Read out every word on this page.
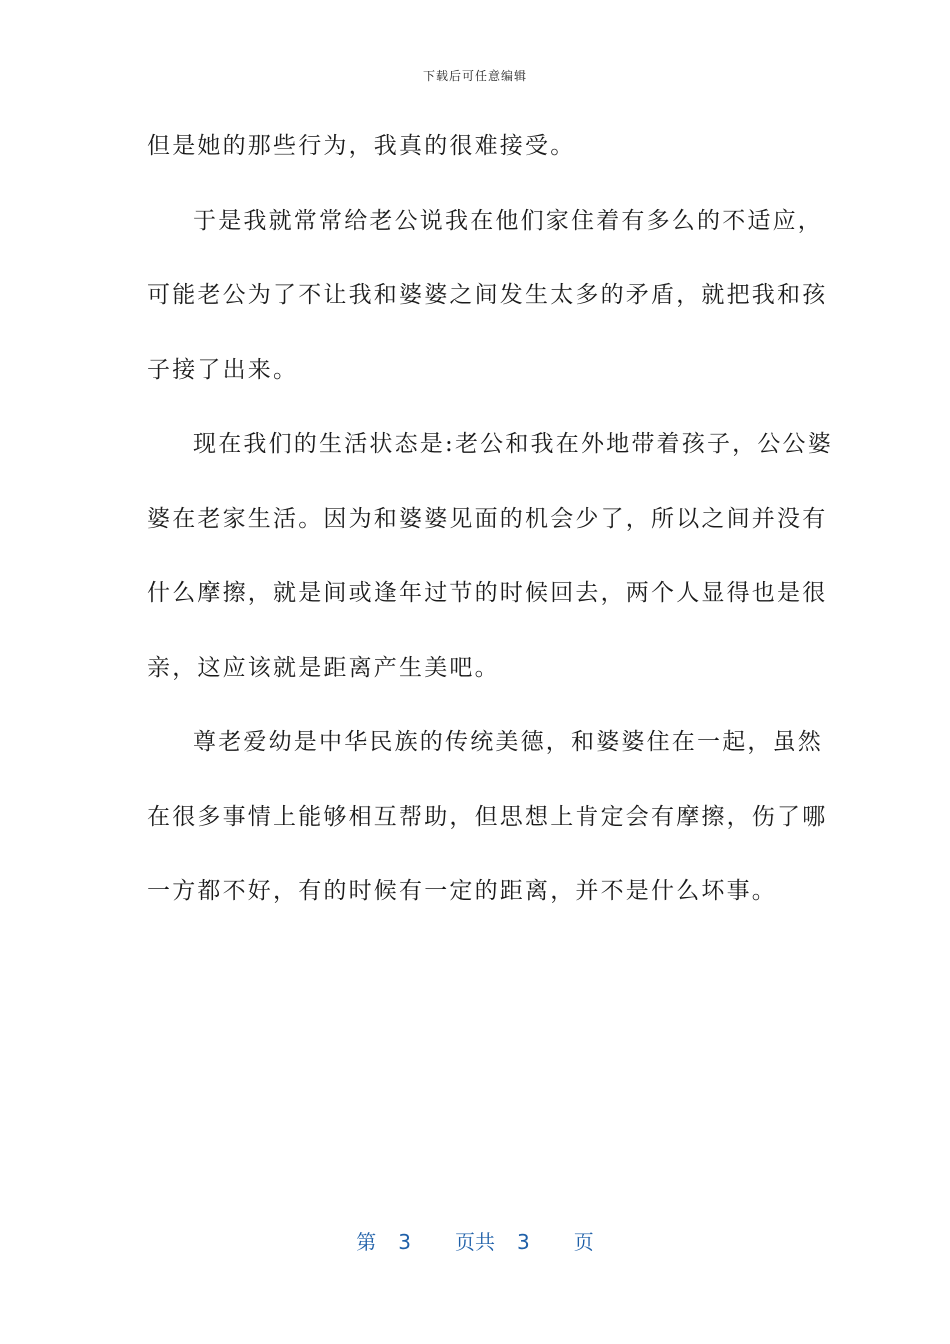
下载后可任意编辑
但是她的那些行为，我真的很难接受。
于是我就常常给老公说我在他们家住着有多么的不适应，
可能老公为了不让我和婆婆之间发生太多的矛盾，就把我和孩
子接了出来。
现在我们的生活状态是:老公和我在外地带着孩子，公公婆
婆在老家生活。因为和婆婆见面的机会少了，所以之间并没有
什么摩擦，就是间或逢年过节的时候回去，两个人显得也是很
亲，这应该就是距离产生美吧。
尊老爱幼是中华民族的传统美德，和婆婆住在一起，虽然
在很多事情上能够相互帮助，但思想上肯定会有摩擦，伤了哪
一方都不好，有的时候有一定的距离，并不是什么坏事。
第 3 页共 3 页
